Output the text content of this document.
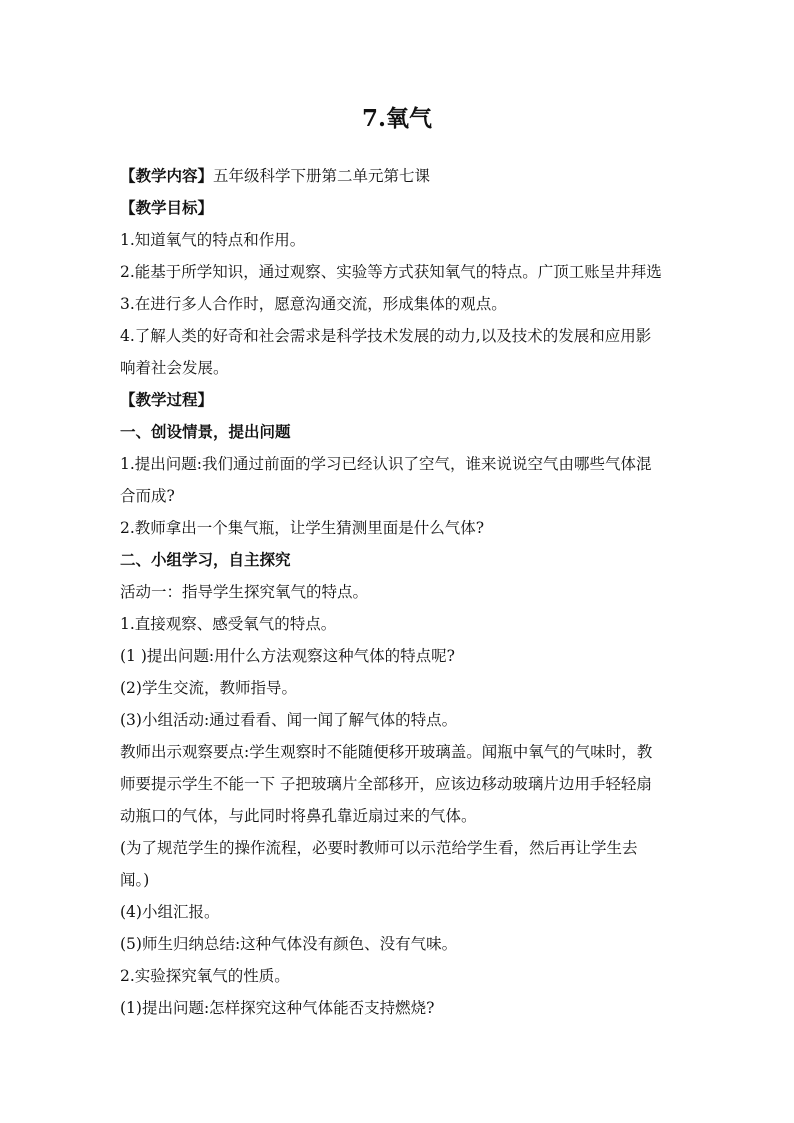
7.氧气
【教学内容】五年级科学下册第二单元第七课
【教学目标】
1.知道氧气的特点和作用。
2.能基于所学知识，通过观察、实验等方式获知氧气的特点。广顶工账呈井拜选
3.在进行多人合作时，愿意沟通交流，形成集体的观点。
4.了解人类的好奇和社会需求是科学技术发展的动力,以及技术的发展和应用影
响着社会发展。
【教学过程】
一、创设情景，提出问题
1.提出问题:我们通过前面的学习已经认识了空气，谁来说说空气由哪些气体混
合而成?
2.教师拿出一个集气瓶，让学生猜测里面是什么气体?
二、小组学习，自主探究
活动一：指导学生探究氧气的特点。
1.直接观察、感受氧气的特点。
(1 )提出问题:用什么方法观察这种气体的特点呢?
(2)学生交流，教师指导。
(3)小组活动:通过看看、闻一闻了解气体的特点。
教师出示观察要点:学生观察时不能随便移开玻璃盖。闻瓶中氧气的气味时，教
师要提示学生不能一下 子把玻璃片全部移开，应该边移动玻璃片边用手轻轻扇
动瓶口的气体，与此同时将鼻孔靠近扇过来的气体。
(为了规范学生的操作流程，必要时教师可以示范给学生看，然后再让学生去
闻。)
(4)小组汇报。
(5)师生归纳总结:这种气体没有颜色、没有气味。
2.实验探究氧气的性质。
(1)提出问题:怎样探究这种气体能否支持燃烧?
